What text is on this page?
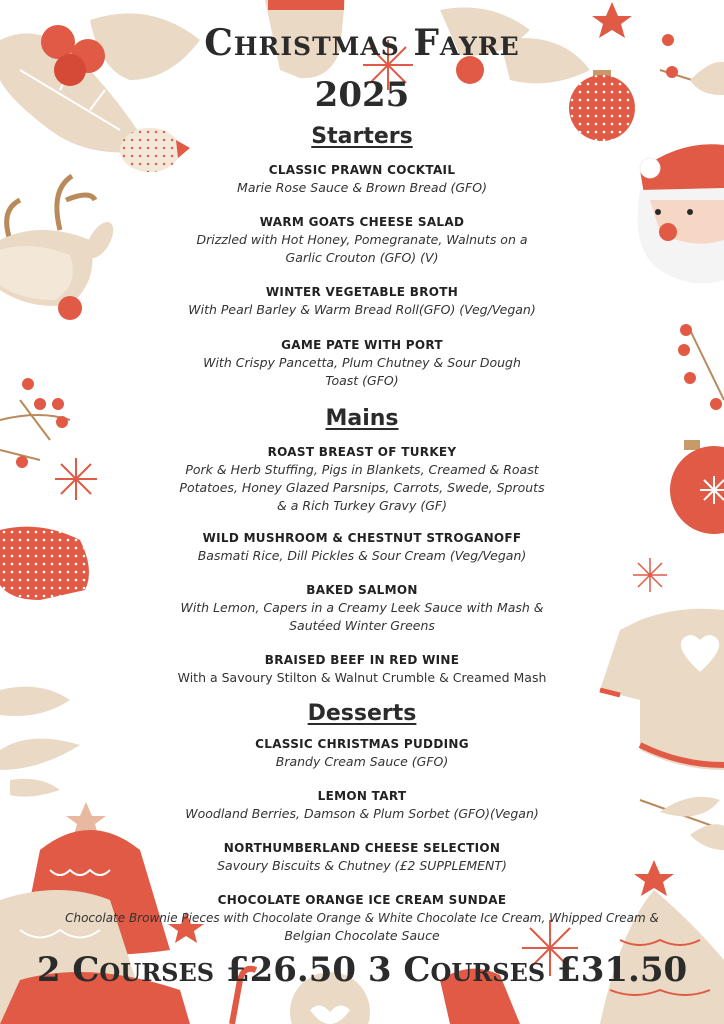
Christmas Fayre
2025
Starters
CLASSIC PRAWN COCKTAIL
Marie Rose Sauce & Brown Bread (GFO)
WARM GOATS CHEESE SALAD
Drizzled with Hot Honey, Pomegranate, Walnuts on a
Garlic Crouton (GFO) (V)
WINTER VEGETABLE BROTH
With Pearl Barley & Warm Bread Roll(GFO) (Veg/Vegan)
GAME PATE WITH PORT
With Crispy Pancetta, Plum Chutney & Sour Dough
Toast (GFO)
Mains
ROAST BREAST OF TURKEY
Pork & Herb Stuffing, Pigs in Blankets, Creamed & Roast
Potatoes, Honey Glazed Parsnips, Carrots, Swede, Sprouts
& a Rich Turkey Gravy (GF)
WILD MUSHROOM & CHESTNUT STROGANOFF
Basmati Rice, Dill Pickles & Sour Cream (Veg/Vegan)
BAKED SALMON
With Lemon, Capers in a Creamy Leek Sauce with Mash &
Sautéed Winter Greens
BRAISED BEEF IN RED WINE
With a Savoury Stilton & Walnut Crumble & Creamed Mash
Desserts
CLASSIC CHRISTMAS PUDDING
Brandy Cream Sauce (GFO)
LEMON TART
Woodland Berries, Damson & Plum Sorbet (GFO)(Vegan)
NORTHUMBERLAND CHEESE SELECTION
Savoury Biscuits & Chutney (£2 SUPPLEMENT)
CHOCOLATE ORANGE ICE CREAM SUNDAE
Chocolate Brownie Pieces with Chocolate Orange & White Chocolate Ice Cream, Whipped Cream &
Belgian Chocolate Sauce
2 Courses £26.50 3 Courses £31.50
